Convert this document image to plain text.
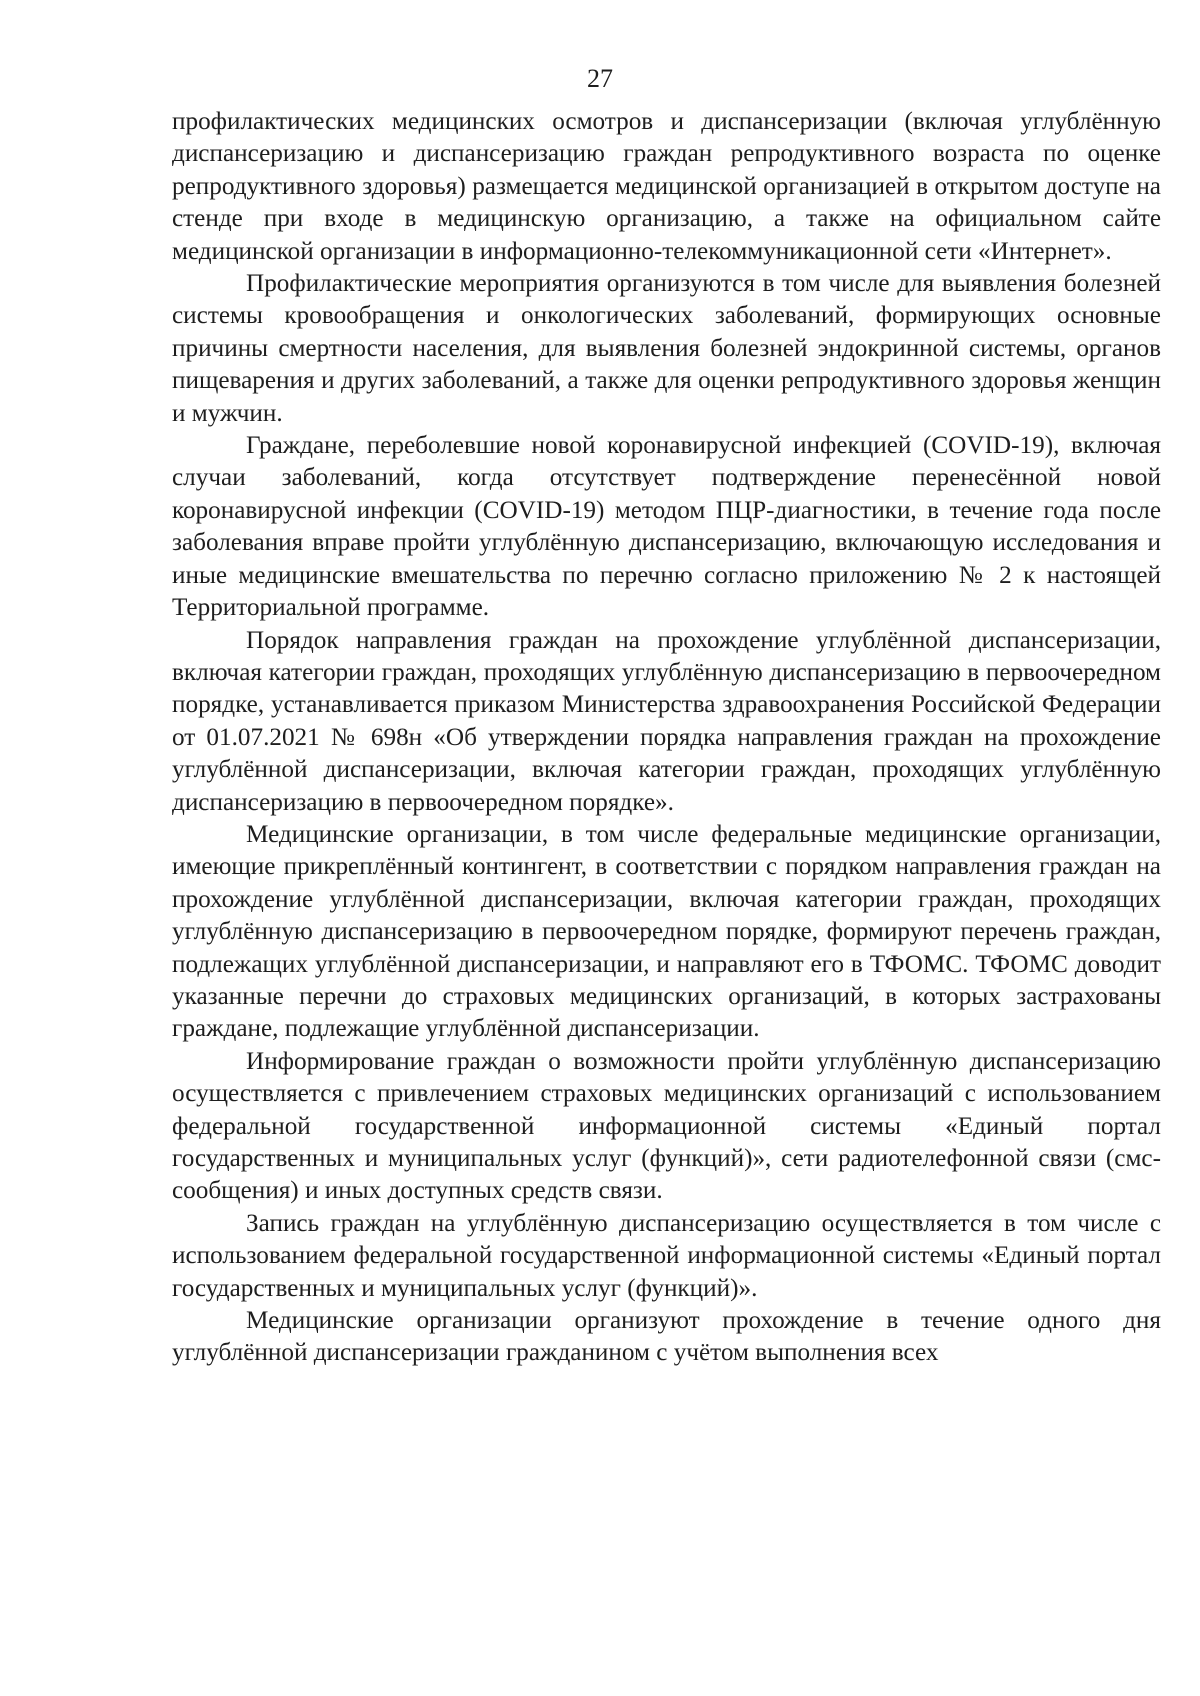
27

профилактических медицинских осмотров и диспансеризации (включая углублённую диспансеризацию и диспансеризацию граждан репродуктивного возраста по оценке репродуктивного здоровья) размещается медицинской организацией в открытом доступе на стенде при входе в медицинскую организацию, а также на официальном сайте медицинской организации в информационно-телекоммуникационной сети «Интернет».

Профилактические мероприятия организуются в том числе для выявления болезней системы кровообращения и онкологических заболеваний, формирующих основные причины смертности населения, для выявления болезней эндокринной системы, органов пищеварения и других заболеваний, а также для оценки репродуктивного здоровья женщин и мужчин.

Граждане, переболевшие новой коронавирусной инфекцией (COVID-19), включая случаи заболеваний, когда отсутствует подтверждение перенесённой новой коронавирусной инфекции (COVID-19) методом ПЦР-диагностики, в течение года после заболевания вправе пройти углублённую диспансеризацию, включающую исследования и иные медицинские вмешательства по перечню согласно приложению № 2 к настоящей Территориальной программе.

Порядок направления граждан на прохождение углублённой диспансеризации, включая категории граждан, проходящих углублённую диспансеризацию в первоочередном порядке, устанавливается приказом Министерства здравоохранения Российской Федерации от 01.07.2021 № 698н «Об утверждении порядка направления граждан на прохождение углублённой диспансеризации, включая категории граждан, проходящих углублённую диспансеризацию в первоочередном порядке».

Медицинские организации, в том числе федеральные медицинские организации, имеющие прикреплённый контингент, в соответствии с порядком направления граждан на прохождение углублённой диспансеризации, включая категории граждан, проходящих углублённую диспансеризацию в первоочередном порядке, формируют перечень граждан, подлежащих углублённой диспансеризации, и направляют его в ТФОМС. ТФОМС доводит указанные перечни до страховых медицинских организаций, в которых застрахованы граждане, подлежащие углублённой диспансеризации.

Информирование граждан о возможности пройти углублённую диспансеризацию осуществляется с привлечением страховых медицинских организаций с использованием федеральной государственной информационной системы «Единый портал государственных и муниципальных услуг (функций)», сети радиотелефонной связи (смс-сообщения) и иных доступных средств связи.

Запись граждан на углублённую диспансеризацию осуществляется в том числе с использованием федеральной государственной информационной системы «Единый портал государственных и муниципальных услуг (функций)».

Медицинские организации организуют прохождение в течение одного дня углублённой диспансеризации гражданином с учётом выполнения всех
